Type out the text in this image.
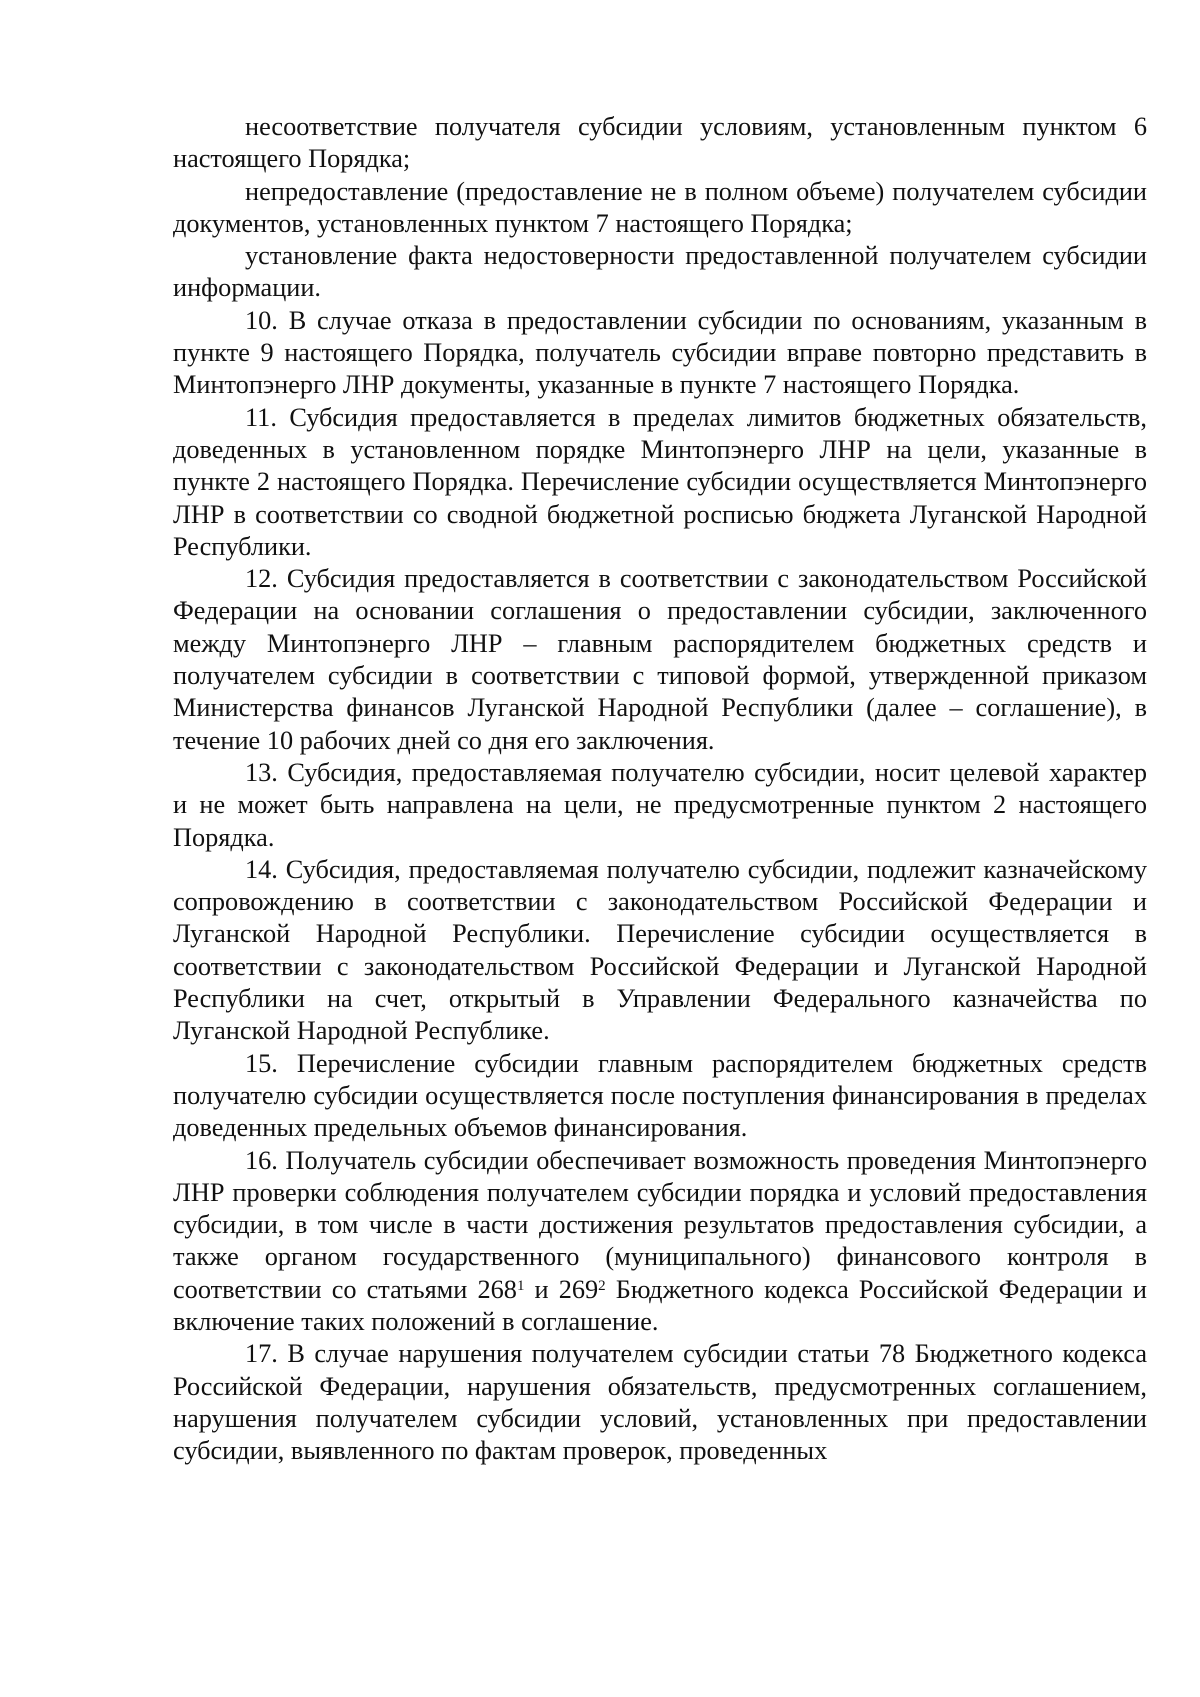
несоответствие получателя субсидии условиям, установленным пунктом 6 настоящего Порядка;

непредоставление (предоставление не в полном объеме) получателем субсидии документов, установленных пунктом 7 настоящего Порядка;

установление факта недостоверности предоставленной получателем субсидии информации.

10. В случае отказа в предоставлении субсидии по основаниям, указанным в пункте 9 настоящего Порядка, получатель субсидии вправе повторно представить в Минтопэнерго ЛНР документы, указанные в пункте 7 настоящего Порядка.

11. Субсидия предоставляется в пределах лимитов бюджетных обязательств, доведенных в установленном порядке Минтопэнерго ЛНР на цели, указанные в пункте 2 настоящего Порядка. Перечисление субсидии осуществляется Минтопэнерго ЛНР в соответствии со сводной бюджетной росписью бюджета Луганской Народной Республики.

12. Субсидия предоставляется в соответствии с законодательством Российской Федерации на основании соглашения о предоставлении субсидии, заключенного между Минтопэнерго ЛНР – главным распорядителем бюджетных средств и получателем субсидии в соответствии с типовой формой, утвержденной приказом Министерства финансов Луганской Народной Республики (далее – соглашение), в течение 10 рабочих дней со дня его заключения.

13. Субсидия, предоставляемая получателю субсидии, носит целевой характер и не может быть направлена на цели, не предусмотренные пунктом 2 настоящего Порядка.

14. Субсидия, предоставляемая получателю субсидии, подлежит казначейскому сопровождению в соответствии с законодательством Российской Федерации и Луганской Народной Республики. Перечисление субсидии осуществляется в соответствии с законодательством Российской Федерации и Луганской Народной Республики на счет, открытый в Управлении Федерального казначейства по Луганской Народной Республике.

15. Перечисление субсидии главным распорядителем бюджетных средств получателю субсидии осуществляется после поступления финансирования в пределах доведенных предельных объемов финансирования.

16. Получатель субсидии обеспечивает возможность проведения Минтопэнерго ЛНР проверки соблюдения получателем субсидии порядка и условий предоставления субсидии, в том числе в части достижения результатов предоставления субсидии, а также органом государственного (муниципального) финансового контроля в соответствии со статьями $268^1$ и $269^2$ Бюджетного кодекса Российской Федерации и включение таких положений в соглашение.

17. В случае нарушения получателем субсидии статьи 78 Бюджетного кодекса Российской Федерации, нарушения обязательств, предусмотренных соглашением, нарушения получателем субсидии условий, установленных при предоставлении субсидии, выявленного по фактам проверок, проведенных
